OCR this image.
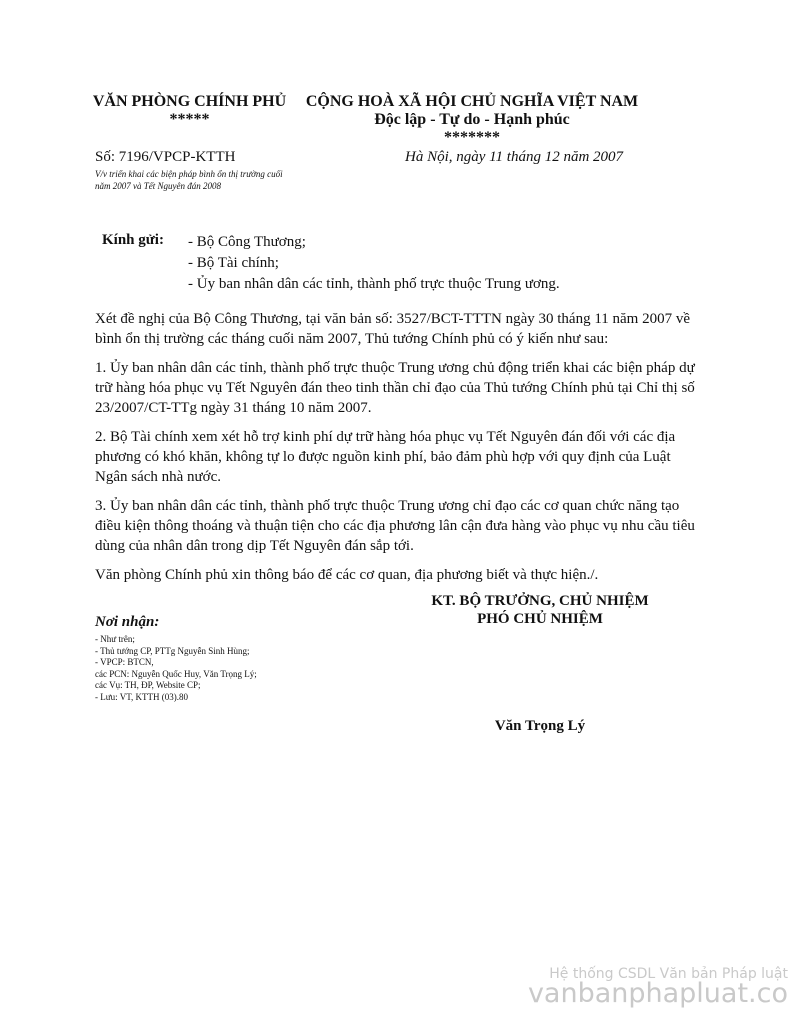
VĂN PHÒNG CHÍNH PHỦ
*****
CỘNG HOÀ XÃ HỘI CHỦ NGHĨA VIỆT NAM
Độc lập - Tự do - Hạnh phúc
*******
Số: 7196/VPCP-KTTH
V/v triển khai các biện pháp bình ổn thị trường cuối năm 2007 và Tết Nguyên đán 2008
Hà Nội, ngày 11 tháng 12 năm 2007
Kính gửi: - Bộ Công Thương;
- Bộ Tài chính;
- Ủy ban nhân dân các tỉnh, thành phố trực thuộc Trung ương.

Xét đề nghị của Bộ Công Thương, tại văn bản số: 3527/BCT-TTTN ngày 30 tháng 11 năm 2007 về bình ổn thị trường các tháng cuối năm 2007, Thủ tướng Chính phủ có ý kiến như sau:

1. Ủy ban nhân dân các tỉnh, thành phố trực thuộc Trung ương chủ động triển khai các biện pháp dự trữ hàng hóa phục vụ Tết Nguyên đán theo tinh thần chỉ đạo của Thủ tướng Chính phủ tại Chỉ thị số 23/2007/CT-TTg ngày 31 tháng 10 năm 2007.

2. Bộ Tài chính xem xét hỗ trợ kinh phí dự trữ hàng hóa phục vụ Tết Nguyên đán đối với các địa phương có khó khăn, không tự lo được nguồn kinh phí, bảo đảm phù hợp với quy định của Luật Ngân sách nhà nước.

3. Ủy ban nhân dân các tỉnh, thành phố trực thuộc Trung ương chỉ đạo các cơ quan chức năng tạo điều kiện thông thoáng và thuận tiện cho các địa phương lân cận đưa hàng vào phục vụ nhu cầu tiêu dùng của nhân dân trong dịp Tết Nguyên đán sắp tới.

Văn phòng Chính phủ xin thông báo để các cơ quan, địa phương biết và thực hiện./.

Nơi nhận:
- Như trên;
- Thủ tướng CP, PTTg Nguyễn Sinh Hùng;
- VPCP: BTCN,
các PCN: Nguyễn Quốc Huy, Văn Trọng Lý;
các Vụ: TH, ĐP, Website CP;
- Lưu: VT, KTTH (03).80
KT. BỘ TRƯỞNG, CHỦ NHIỆM
PHÓ CHỦ NHIỆM
Văn Trọng Lý
Hệ thống CSDL Văn bản Pháp luật
vanbanphapluat.co
